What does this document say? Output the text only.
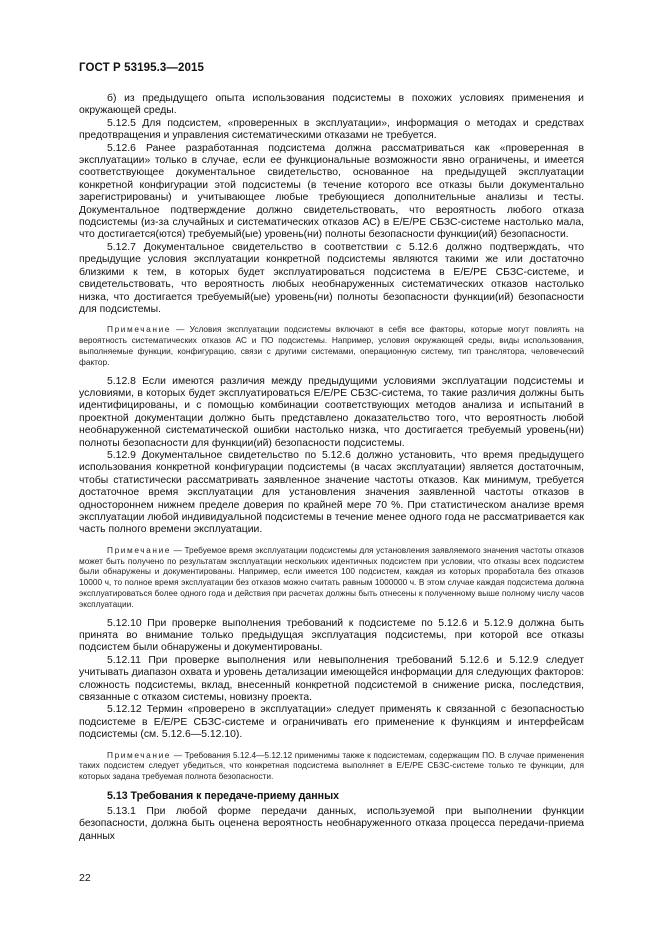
ГОСТ Р 53195.3—2015

б) из предыдущего опыта использования подсистемы в похожих условиях применения и окружающей среды.

5.12.5 Для подсистем, «проверенных в эксплуатации», информация о методах и средствах предотвращения и управления систематическими отказами не требуется.

5.12.6 Ранее разработанная подсистема должна рассматриваться как «проверенная в эксплуатации» только в случае, если ее функциональные возможности явно ограничены, и имеется соответствующее документальное свидетельство, основанное на предыдущей эксплуатации конкретной конфигурации этой подсистемы (в течение которого все отказы были документально зарегистрированы) и учитывающее любые требующиеся дополнительные анализы и тесты. Документальное подтверждение должно свидетельствовать, что вероятность любого отказа подсистемы (из-за случайных и систематических отказов АС) в E/E/PE СБЗС-системе настолько мала, что достигается(ются) требуемый(ые) уровень(ни) полноты безопасности функции(ий) безопасности.

5.12.7 Документальное свидетельство в соответствии с 5.12.6 должно подтверждать, что предыдущие условия эксплуатации конкретной подсистемы являются такими же или достаточно близкими к тем, в которых будет эксплуатироваться подсистема в E/E/PE СБЗС-системе, и свидетельствовать, что вероятность любых необнаруженных систематических отказов настолько низка, что достигается требуемый(ые) уровень(ни) полноты безопасности функции(ий) безопасности для подсистемы.

Примечание — Условия эксплуатации подсистемы включают в себя все факторы, которые могут повлиять на вероятность систематических отказов АС и ПО подсистемы. Например, условия окружающей среды, виды использования, выполняемые функции, конфигурацию, связи с другими системами, операционную систему, тип транслятора, человеческий фактор.

5.12.8 Если имеются различия между предыдущими условиями эксплуатации подсистемы и условиями, в которых будет эксплуатироваться E/E/PE СБЗС-система, то такие различия должны быть идентифицированы, и с помощью комбинации соответствующих методов анализа и испытаний в проектной документации должно быть представлено доказательство того, что вероятность любой необнаруженной систематической ошибки настолько низка, что достигается требуемый уровень(ни) полноты безопасности для функции(ий) безопасности подсистемы.

5.12.9 Документальное свидетельство по 5.12.6 должно установить, что время предыдущего использования конкретной конфигурации подсистемы (в часах эксплуатации) является достаточным, чтобы статистически рассматривать заявленное значение частоты отказов. Как минимум, требуется достаточное время эксплуатации для установления значения заявленной частоты отказов в одностороннем нижнем пределе доверия по крайней мере 70 %. При статистическом анализе время эксплуатации любой индивидуальной подсистемы в течение менее одного года не рассматривается как часть полного времени эксплуатации.

Примечание — Требуемое время эксплуатации подсистемы для установления заявляемого значения частоты отказов может быть получено по результатам эксплуатации нескольких идентичных подсистем при условии, что отказы всех подсистем были обнаружены и документированы. Например, если имеется 100 подсистем, каждая из которых проработала без отказов 10000 ч, то полное время эксплуатации без отказов можно считать равным 1000000 ч. В этом случае каждая подсистема должна эксплуатироваться более одного года и действия при расчетах должны быть отнесены к полученному выше полному числу часов эксплуатации.

5.12.10 При проверке выполнения требований к подсистеме по 5.12.6 и 5.12.9 должна быть принята во внимание только предыдущая эксплуатация подсистемы, при которой все отказы подсистем были обнаружены и документированы.

5.12.11 При проверке выполнения или невыполнения требований 5.12.6 и 5.12.9 следует учитывать диапазон охвата и уровень детализации имеющейся информации для следующих факторов: сложность подсистемы, вклад, внесенный конкретной подсистемой в снижение риска, последствия, связанные с отказом системы, новизну проекта.

5.12.12 Термин «проверено в эксплуатации» следует применять к связанной с безопасностью подсистеме в E/E/PE СБЗС-системе и ограничивать его применение к функциям и интерфейсам подсистемы (см. 5.12.6—5.12.10).

Примечание — Требования 5.12.4—5.12.12 применимы также к подсистемам, содержащим ПО. В случае применения таких подсистем следует убедиться, что конкретная подсистема выполняет в E/E/PE СБЗС-системе только те функции, для которых задана требуемая полнота безопасности.

5.13 Требования к передаче-приему данных

5.13.1 При любой форме передачи данных, используемой при выполнении функции безопасности, должна быть оценена вероятность необнаруженного отказа процесса передачи-приема данных

22
